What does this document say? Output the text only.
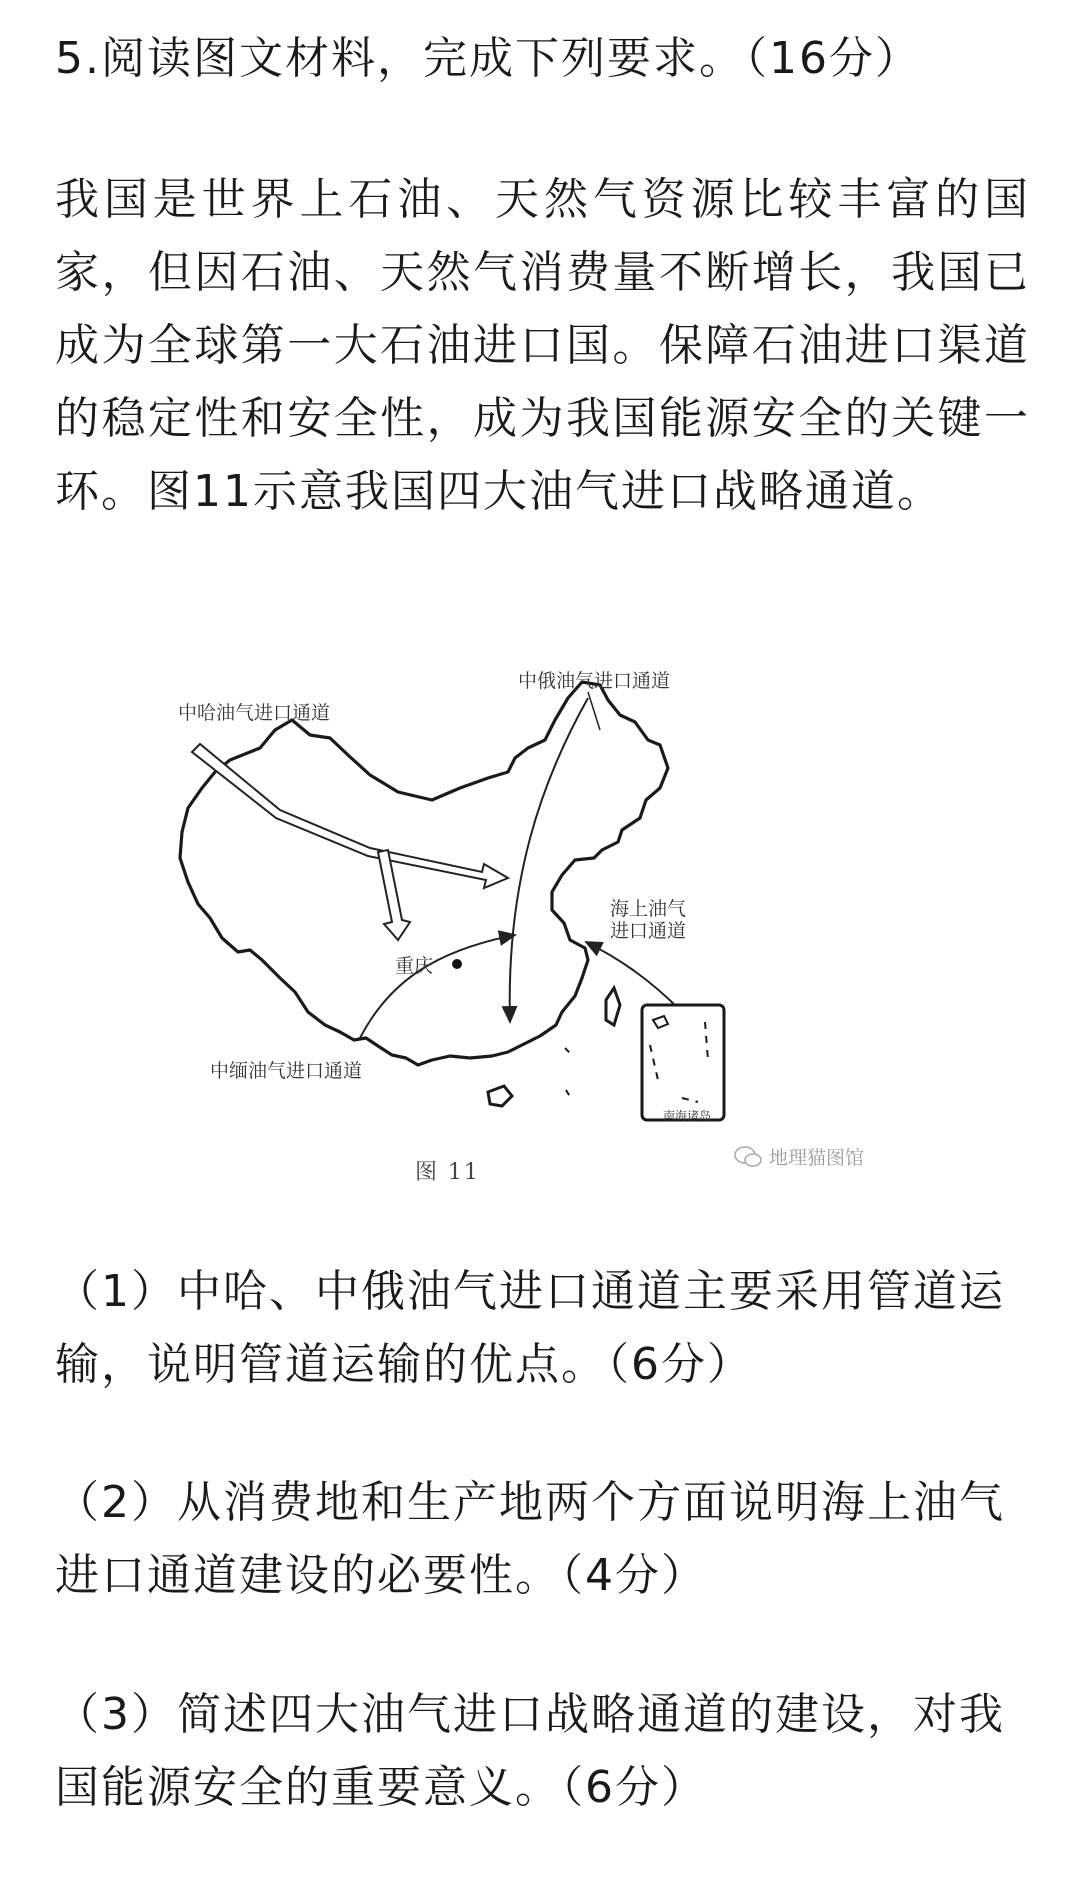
5.阅读图文材料，完成下列要求。（16分）

我国是世界上石油、天然气资源比较丰富的国家，但因石油、天然气消费量不断增长，我国已成为全球第一大石油进口国。保障石油进口渠道的稳定性和安全性，成为我国能源安全的关键一环。图11示意我国四大油气进口战略通道。

中哈油气进口通道
中俄油气进口通道
海上油气进口通道
重庆
中缅油气进口通道
南海诸岛
图 11
地理猫图馆

（1）中哈、中俄油气进口通道主要采用管道运输，说明管道运输的优点。（6分）

（2）从消费地和生产地两个方面说明海上油气进口通道建设的必要性。（4分）

（3）简述四大油气进口战略通道的建设，对我国能源安全的重要意义。（6分）
